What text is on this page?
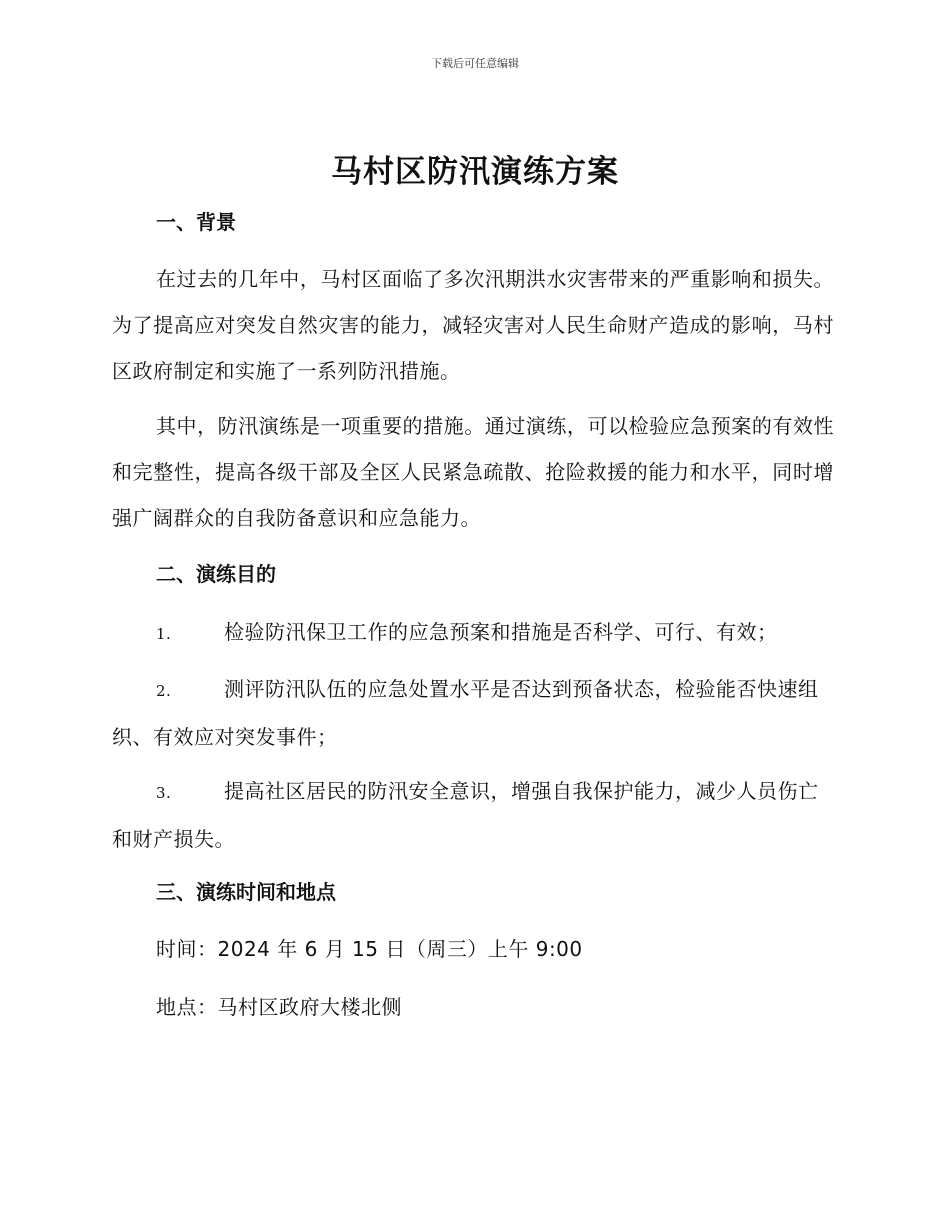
下载后可任意编辑
马村区防汛演练方案
一、背景
在过去的几年中，马村区面临了多次汛期洪水灾害带来的严重影响和损失。为了提高应对突发自然灾害的能力，减轻灾害对人民生命财产造成的影响，马村区政府制定和实施了一系列防汛措施。
其中，防汛演练是一项重要的措施。通过演练，可以检验应急预案的有效性和完整性，提高各级干部及全区人民紧急疏散、抢险救援的能力和水平，同时增强广阔群众的自我防备意识和应急能力。
二、演练目的
1.	检验防汛保卫工作的应急预案和措施是否科学、可行、有效；
2.	测评防汛队伍的应急处置水平是否达到预备状态，检验能否快速组织、有效应对突发事件；
3.	提高社区居民的防汛安全意识，增强自我保护能力，减少人员伤亡和财产损失。
三、演练时间和地点
时间：2024 年 6 月 15 日（周三）上午 9:00
地点：马村区政府大楼北侧
